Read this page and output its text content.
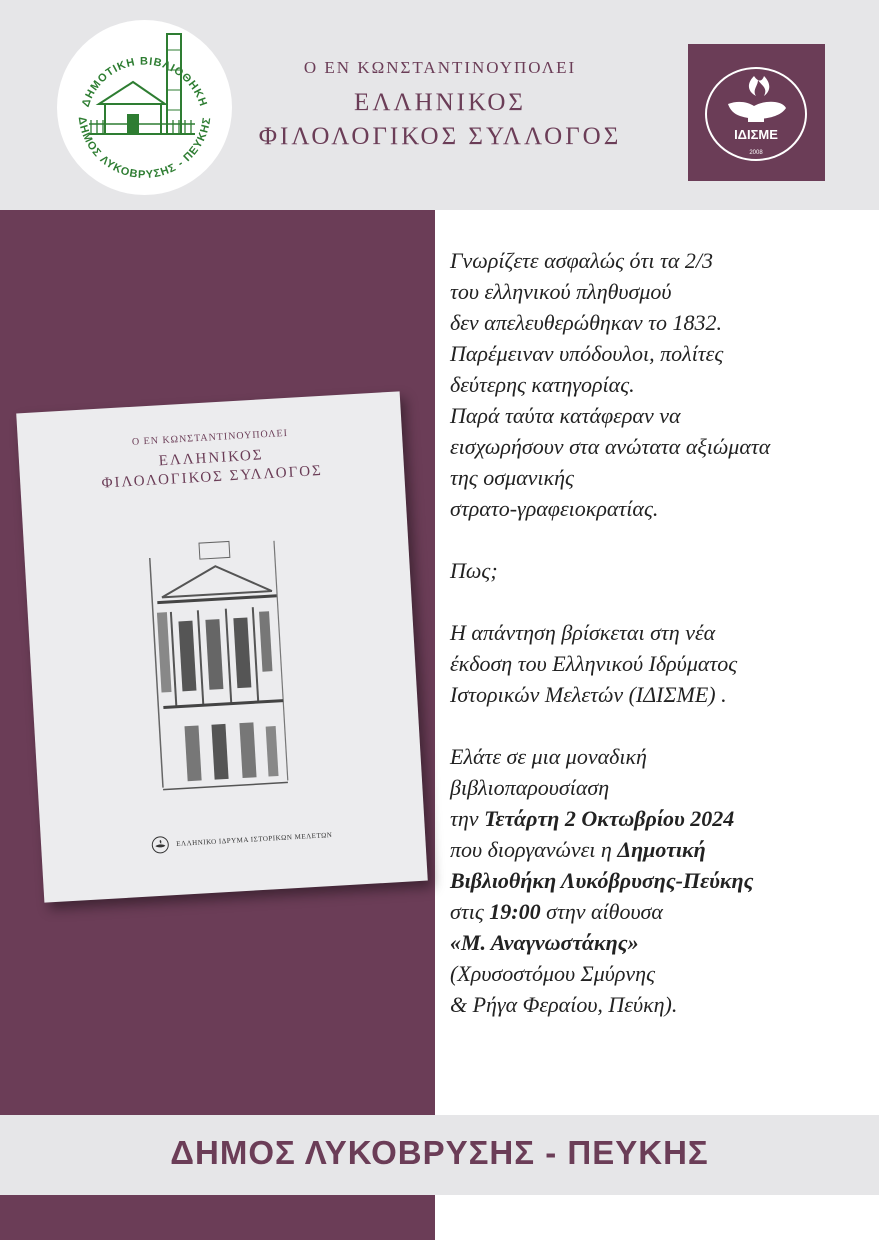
ΔΗΜΟΤΙΚΗ ΒΙΒΛΙΟΘΗΚΗ
ΔΗΜΟΣ ΛΥΚΟΒΡΥΣΗΣ - ΠΕΥΚΗΣ
Ο ΕΝ ΚΩΝΣΤΑΝΤΙΝΟΥΠΟΛΕΙ
ΕΛΛΗΝΙΚΟΣ
ΦΙΛΟΛΟΓΙΚΟΣ ΣΥΛΛΟΓΟΣ	ΙΔΙΣΜΕ
2008
Ο ΕΝ ΚΩΝΣΤΑΝΤΙΝΟΥΠΟΛΕΙ
ΕΛΛΗΝΙΚΟΣ
ΦΙΛΟΛΟΓΙΚΟΣ ΣΥΛΛΟΓΟΣ
ΕΛΛΗΝΙΚΟ ΙΔΡΥΜΑ ΙΣΤΟΡΙΚΩΝ ΜΕΛΕΤΩΝ

Γνωρίζετε ασφαλώς ότι τα 2/3

του ελληνικού πληθυσμού

δεν απελευθερώθηκαν το 1832.

Παρέμειναν υπόδουλοι, πολίτες

δεύτερης κατηγορίας.

Παρά ταύτα κατάφεραν να

εισχωρήσουν στα ανώτατα αξιώματα

της οσμανικής

στρατο-γραφειοκρατίας.

Πως;

Η απάντηση βρίσκεται στη νέα

έκδοση του Ελληνικού Ιδρύματος

Ιστορικών Μελετών (ΙΔΙΣΜΕ) .

Ελάτε σε μια μοναδική

βιβλιοπαρουσίαση

την Τετάρτη 2 Οκτωβρίου 2024

που διοργανώνει η Δημοτική

Βιβλιοθήκη Λυκόβρυσης-Πεύκης

στις 19:00 στην αίθουσα

«Μ. Αναγνωστάκης»

(Χρυσοστόμου Σμύρνης

& Ρήγα Φεραίου, Πεύκη).

ΔΗΜΟΣ ΛΥΚΟΒΡΥΣΗΣ - ΠΕΥΚΗΣ
